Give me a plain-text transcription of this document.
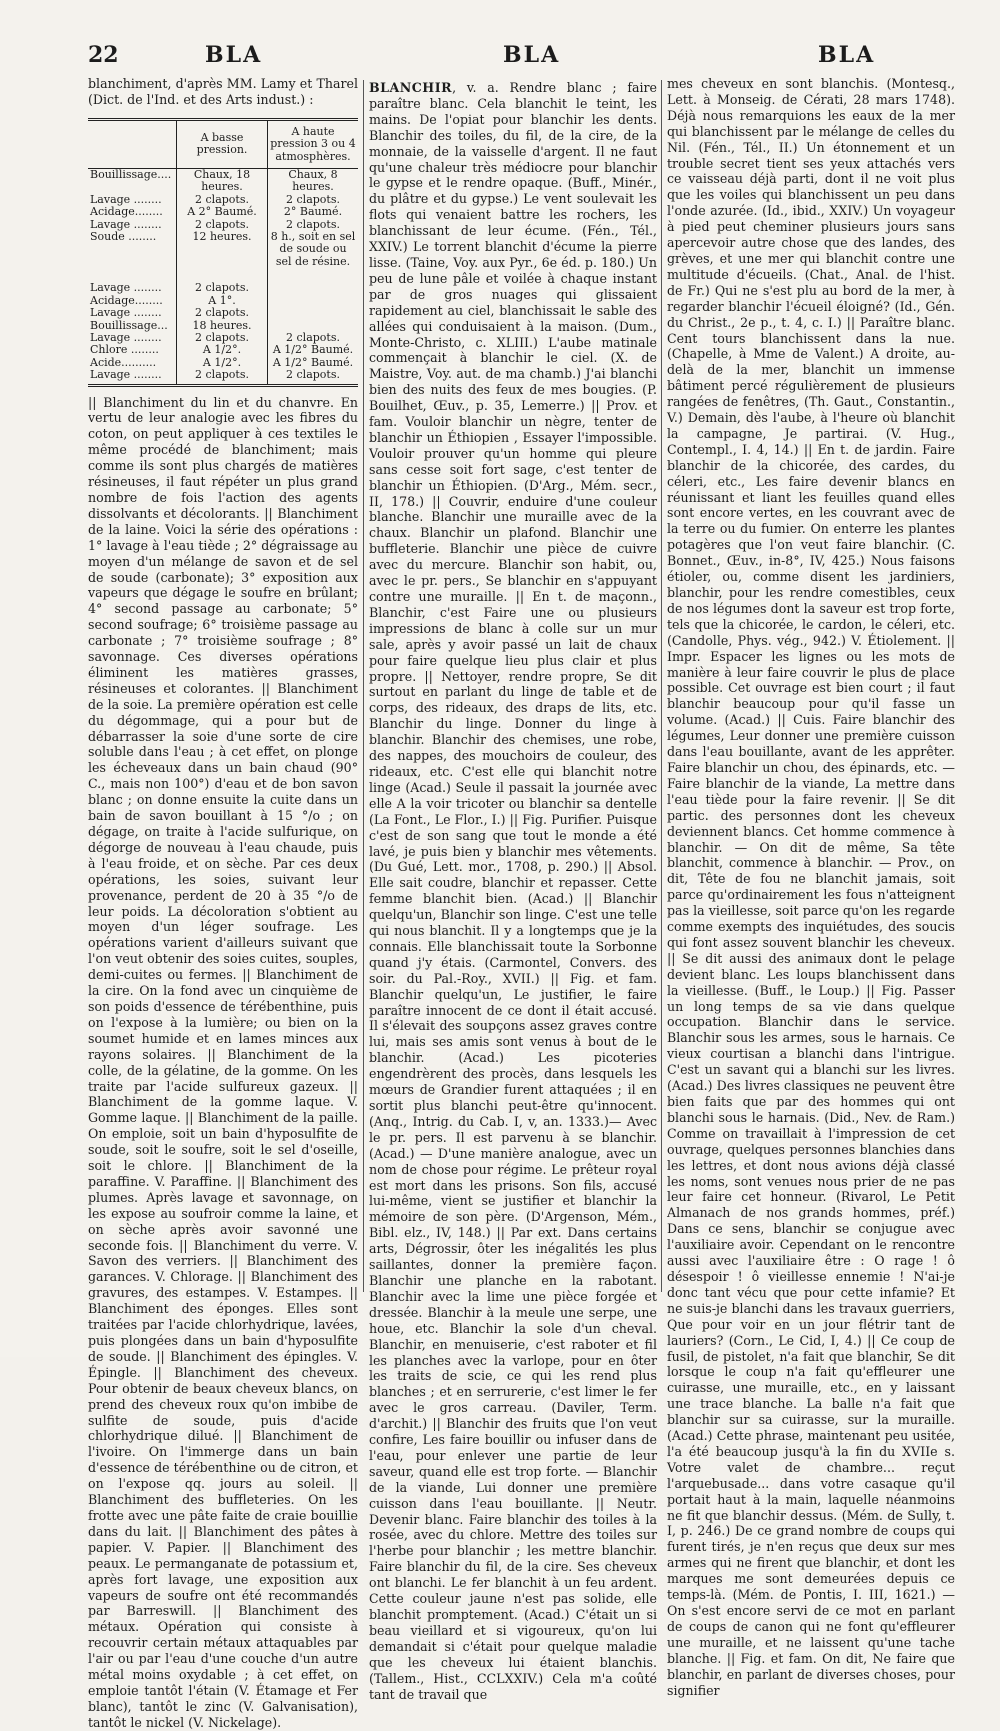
22	BLA	BLA	BLA

blanchiment, d'après MM. Lamy et Tharel (Dict. de l'Ind. et des Arts indust.) :

	A basse pression.	A haute pression 3 ou 4 atmosphères.
Bouillissage....	Chaux, 18 heures.	Chaux, 8 heures.
Lavage ........	2 clapots.	2 clapots.
Acidage........	A 2° Baumé.	2° Baumé.
Lavage ........	2 clapots.	2 clapots.
Soude ........	12 heures.	8 h., soit en sel de soude ou sel de résine.

Lavage ........	2 clapots.	
Acidage........	A 1°.	
Lavage ........	2 clapots.	
Bouillissage...	18 heures.	
Lavage ........	2 clapots.	2 clapots.
Chlore ........	A 1/2°.	A 1/2° Baumé.
Acide..........	A 1/2°.	A 1/2° Baumé.
Lavage ........	2 clapots.	2 clapots.

|| Blanchiment du lin et du chanvre. En vertu de leur analogie avec les fibres du coton, on peut appliquer à ces textiles le même procédé de blanchiment; mais comme ils sont plus chargés de matières résineuses, il faut répéter un plus grand nombre de fois l'action des agents dissolvants et décolorants. || Blanchiment de la laine. Voici la série des opérations : 1° lavage à l'eau tiède ; 2° dégraissage au moyen d'un mélange de savon et de sel de soude (carbonate); 3° exposition aux vapeurs que dégage le soufre en brûlant; 4° second passage au carbonate; 5° second soufrage; 6° troisième passage au carbonate ; 7° troisième soufrage ; 8° savonnage. Ces diverses opérations éliminent les matières grasses, résineuses et colorantes. || Blanchiment de la soie. La première opération est celle du dégommage, qui a pour but de débarrasser la soie d'une sorte de cire soluble dans l'eau ; à cet effet, on plonge les écheveaux dans un bain chaud (90° C., mais non 100°) d'eau et de bon savon blanc ; on donne ensuite la cuite dans un bain de savon bouillant à 15 °/o ; on dégage, on traite à l'acide sulfurique, on dégorge de nouveau à l'eau chaude, puis à l'eau froide, et on sèche. Par ces deux opérations, les soies, suivant leur provenance, perdent de 20 à 35 °/o de leur poids. La décoloration s'obtient au moyen d'un léger soufrage. Les opérations varient d'ailleurs suivant que l'on veut obtenir des soies cuites, souples, demi-cuites ou fermes. || Blanchiment de la cire. On la fond avec un cinquième de son poids d'essence de térébenthine, puis on l'expose à la lumière; ou bien on la soumet humide et en lames minces aux rayons solaires. || Blanchiment de la colle, de la gélatine, de la gomme. On les traite par l'acide sulfureux gazeux. || Blanchiment de la gomme laque. V. Gomme laque. || Blanchiment de la paille. On emploie, soit un bain d'hyposulfite de soude, soit le soufre, soit le sel d'oseille, soit le chlore. || Blanchiment de la paraffine. V. Paraffine. || Blanchiment des plumes. Après lavage et savonnage, on les expose au soufroir comme la laine, et on sèche après avoir savonné une seconde fois. || Blanchiment du verre. V. Savon des verriers. || Blanchiment des garances. V. Chlorage. || Blanchiment des gravures, des estampes. V. Estampes. || Blanchiment des éponges. Elles sont traitées par l'acide chlorhydrique, lavées, puis plongées dans un bain d'hyposulfite de soude. || Blanchiment des épingles. V. Épingle. || Blanchiment des cheveux. Pour obtenir de beaux cheveux blancs, on prend des cheveux roux qu'on imbibe de sulfite de soude, puis d'acide chlorhydrique dilué. || Blanchiment de l'ivoire. On l'immerge dans un bain d'essence de térébenthine ou de citron, et on l'expose qq. jours au soleil. || Blanchiment des buffleteries. On les frotte avec une pâte faite de craie bouillie dans du lait. || Blanchiment des pâtes à papier. V. Papier. || Blanchiment des peaux. Le permanganate de potassium et, après fort lavage, une exposition aux vapeurs de soufre ont été recommandés par Barreswill. || Blanchiment des métaux. Opération qui consiste à recouvrir certain métaux attaquables par l'air ou par l'eau d'une couche d'un autre métal moins oxydable ; à cet effet, on emploie tantôt l'étain (V. Étamage et Fer blanc), tantôt le zinc (V. Galvanisation), tantôt le nickel (V. Nickelage).

BLANCHIR, v. a. Rendre blanc ; faire paraître blanc. Cela blanchit le teint, les mains. De l'opiat pour blanchir les dents. Blanchir des toiles, du fil, de la cire, de la monnaie, de la vaisselle d'argent. Il ne faut qu'une chaleur très médiocre pour blanchir le gypse et le rendre opaque. (Buff., Minér., du plâtre et du gypse.) Le vent soulevait les flots qui venaient battre les rochers, les blanchissant de leur écume. (Fén., Tél., XXIV.) Le torrent blanchit d'écume la pierre lisse. (Taine, Voy. aux Pyr., 6e éd. p. 180.) Un peu de lune pâle et voilée à chaque instant par de gros nuages qui glissaient rapidement au ciel, blanchissait le sable des allées qui conduisaient à la maison. (Dum., Monte-Christo, c. XLIII.) L'aube matinale commençait à blanchir le ciel. (X. de Maistre, Voy. aut. de ma chamb.) J'ai blanchi bien des nuits des feux de mes bougies. (P. Bouilhet, Œuv., p. 35, Lemerre.) || Prov. et fam. Vouloir blanchir un nègre, tenter de blanchir un Éthiopien , Essayer l'impossible. Vouloir prouver qu'un homme qui pleure sans cesse soit fort sage, c'est tenter de blanchir un Éthiopien. (D'Arg., Mém. secr., II, 178.) || Couvrir, enduire d'une couleur blanche. Blanchir une muraille avec de la chaux. Blanchir un plafond. Blanchir une buffleterie. Blanchir une pièce de cuivre avec du mercure. Blanchir son habit, ou, avec le pr. pers., Se blanchir en s'appuyant contre une muraille. || En t. de maçonn., Blanchir, c'est Faire une ou plusieurs impressions de blanc à colle sur un mur sale, après y avoir passé un lait de chaux pour faire quelque lieu plus clair et plus propre. || Nettoyer, rendre propre, Se dit surtout en parlant du linge de table et de corps, des rideaux, des draps de lits, etc. Blanchir du linge. Donner du linge à blanchir. Blanchir des chemises, une robe, des nappes, des mouchoirs de couleur, des rideaux, etc. C'est elle qui blanchit notre linge (Acad.) Seule il passait la journée avec elle A la voir tricoter ou blanchir sa dentelle (La Font., Le Flor., I.) || Fig. Purifier. Puisque c'est de son sang que tout le monde a été lavé, je puis bien y blanchir mes vêtements. (Du Gué, Lett. mor., 1708, p. 290.) || Absol. Elle sait coudre, blanchir et repasser. Cette femme blanchit bien. (Acad.) || Blanchir quelqu'un, Blanchir son linge. C'est une telle qui nous blanchit. Il y a longtemps que je la connais. Elle blanchissait toute la Sorbonne quand j'y étais. (Carmontel, Convers. des soir. du Pal.-Roy., XVII.) || Fig. et fam. Blanchir quelqu'un, Le justifier, le faire paraître innocent de ce dont il était accusé. Il s'élevait des soupçons assez graves contre lui, mais ses amis sont venus à bout de le blanchir. (Acad.) Les picoteries engendrèrent des procès, dans lesquels les mœurs de Grandier furent attaquées ; il en sortit plus blanchi peut-être qu'innocent. (Anq., Intrig. du Cab. I, v, an. 1333.)— Avec le pr. pers. Il est parvenu à se blanchir. (Acad.) — D'une manière analogue, avec un nom de chose pour régime. Le prêteur royal est mort dans les prisons. Son fils, accusé lui-même, vient se justifier et blanchir la mémoire de son père. (D'Argenson, Mém., Bibl. elz., IV, 148.) || Par ext. Dans certains arts, Dégrossir, ôter les inégalités les plus saillantes, donner la première façon. Blanchir une planche en la rabotant. Blanchir avec la lime une pièce forgée et dressée. Blanchir à la meule une serpe, une houe, etc. Blanchir la sole d'un cheval. Blanchir, en menuiserie, c'est raboter et fil les planches avec la varlope, pour en ôter les traits de scie, ce qui les rend plus blanches ; et en serrurerie, c'est limer le fer avec le gros carreau. (Daviler, Term. d'archit.) || Blanchir des fruits que l'on veut confire, Les faire bouillir ou infuser dans de l'eau, pour enlever une partie de leur saveur, quand elle est trop forte. — Blanchir de la viande, Lui donner une première cuisson dans l'eau bouillante. || Neutr. Devenir blanc. Faire blanchir des toiles à la rosée, avec du chlore. Mettre des toiles sur l'herbe pour blanchir ; les mettre blanchir. Faire blanchir du fil, de la cire. Ses cheveux ont blanchi. Le fer blanchit à un feu ardent. Cette couleur jaune n'est pas solide, elle blanchit promptement. (Acad.) C'était un si beau vieillard et si vigoureux, qu'on lui demandait si c'était pour quelque maladie que les cheveux lui étaient blanchis. (Tallem., Hist., CCLXXIV.) Cela m'a coûté tant de travail que

mes cheveux en sont blanchis. (Montesq., Lett. à Monseig. de Cérati, 28 mars 1748). Déjà nous remarquions les eaux de la mer qui blanchissent par le mélange de celles du Nil. (Fén., Tél., II.) Un étonnement et un trouble secret tient ses yeux attachés vers ce vaisseau déjà parti, dont il ne voit plus que les voiles qui blanchissent un peu dans l'onde azurée. (Id., ibid., XXIV.) Un voyageur à pied peut cheminer plusieurs jours sans apercevoir autre chose que des landes, des grèves, et une mer qui blanchit contre une multitude d'écueils. (Chat., Anal. de l'hist. de Fr.) Qui ne s'est plu au bord de la mer, à regarder blanchir l'écueil éloigné? (Id., Gén. du Christ., 2e p., t. 4, c. I.) || Paraître blanc. Cent tours blanchissent dans la nue. (Chapelle, à Mme de Valent.) A droite, au-delà de la mer, blanchit un immense bâtiment percé régulièrement de plusieurs rangées de fenêtres, (Th. Gaut., Constantin., V.) Demain, dès l'aube, à l'heure où blanchit la campagne, Je partirai. (V. Hug., Contempl., I. 4, 14.) || En t. de jardin. Faire blanchir de la chicorée, des cardes, du céleri, etc., Les faire devenir blancs en réunissant et liant les feuilles quand elles sont encore vertes, en les couvrant avec de la terre ou du fumier. On enterre les plantes potagères que l'on veut faire blanchir. (C. Bonnet., Œuv., in-8°, IV, 425.) Nous faisons étioler, ou, comme disent les jardiniers, blanchir, pour les rendre comestibles, ceux de nos légumes dont la saveur est trop forte, tels que la chicorée, le cardon, le céleri, etc. (Candolle, Phys. vég., 942.) V. Étiolement. || Impr. Espacer les lignes ou les mots de manière à leur faire couvrir le plus de place possible. Cet ouvrage est bien court ; il faut blanchir beaucoup pour qu'il fasse un volume. (Acad.) || Cuis. Faire blanchir des légumes, Leur donner une première cuisson dans l'eau bouillante, avant de les apprêter. Faire blanchir un chou, des épinards, etc. — Faire blanchir de la viande, La mettre dans l'eau tiède pour la faire revenir. || Se dit partic. des personnes dont les cheveux deviennent blancs. Cet homme commence à blanchir. — On dit de même, Sa tête blanchit, commence à blanchir. — Prov., on dit, Tête de fou ne blanchit jamais, soit parce qu'ordinairement les fous n'atteignent pas la vieillesse, soit parce qu'on les regarde comme exempts des inquiétudes, des soucis qui font assez souvent blanchir les cheveux. || Se dit aussi des animaux dont le pelage devient blanc. Les loups blanchissent dans la vieillesse. (Buff., le Loup.) || Fig. Passer un long temps de sa vie dans quelque occupation. Blanchir dans le service. Blanchir sous les armes, sous le harnais. Ce vieux courtisan a blanchi dans l'intrigue. C'est un savant qui a blanchi sur les livres. (Acad.) Des livres classiques ne peuvent être bien faits que par des hommes qui ont blanchi sous le harnais. (Did., Nev. de Ram.) Comme on travaillait à l'impression de cet ouvrage, quelques personnes blanchies dans les lettres, et dont nous avions déjà classé les noms, sont venues nous prier de ne pas leur faire cet honneur. (Rivarol, Le Petit Almanach de nos grands hommes, préf.) Dans ce sens, blanchir se conjugue avec l'auxiliaire avoir. Cependant on le rencontre aussi avec l'auxiliaire être : O rage ! ô désespoir ! ô vieillesse ennemie ! N'ai-je donc tant vécu que pour cette infamie? Et ne suis-je blanchi dans les travaux guerriers, Que pour voir en un jour flétrir tant de lauriers? (Corn., Le Cid, I, 4.) || Ce coup de fusil, de pistolet, n'a fait que blanchir, Se dit lorsque le coup n'a fait qu'effleurer une cuirasse, une muraille, etc., en y laissant une trace blanche. La balle n'a fait que blanchir sur sa cuirasse, sur la muraille. (Acad.) Cette phrase, maintenant peu usitée, l'a été beaucoup jusqu'à la fin du XVIIe s. Votre valet de chambre... reçut l'arquebusade... dans votre casaque qu'il portait haut à la main, laquelle néanmoins ne fit que blanchir dessus. (Mém. de Sully, t. I, p. 246.) De ce grand nombre de coups qui furent tirés, je n'en reçus que deux sur mes armes qui ne firent que blanchir, et dont les marques me sont demeurées depuis ce temps-là. (Mém. de Pontis, I. III, 1621.) — On s'est encore servi de ce mot en parlant de coups de canon qui ne font qu'effleurer une muraille, et ne laissent qu'une tache blanche. || Fig. et fam. On dit, Ne faire que blanchir, en parlant de diverses choses, pour signifier
